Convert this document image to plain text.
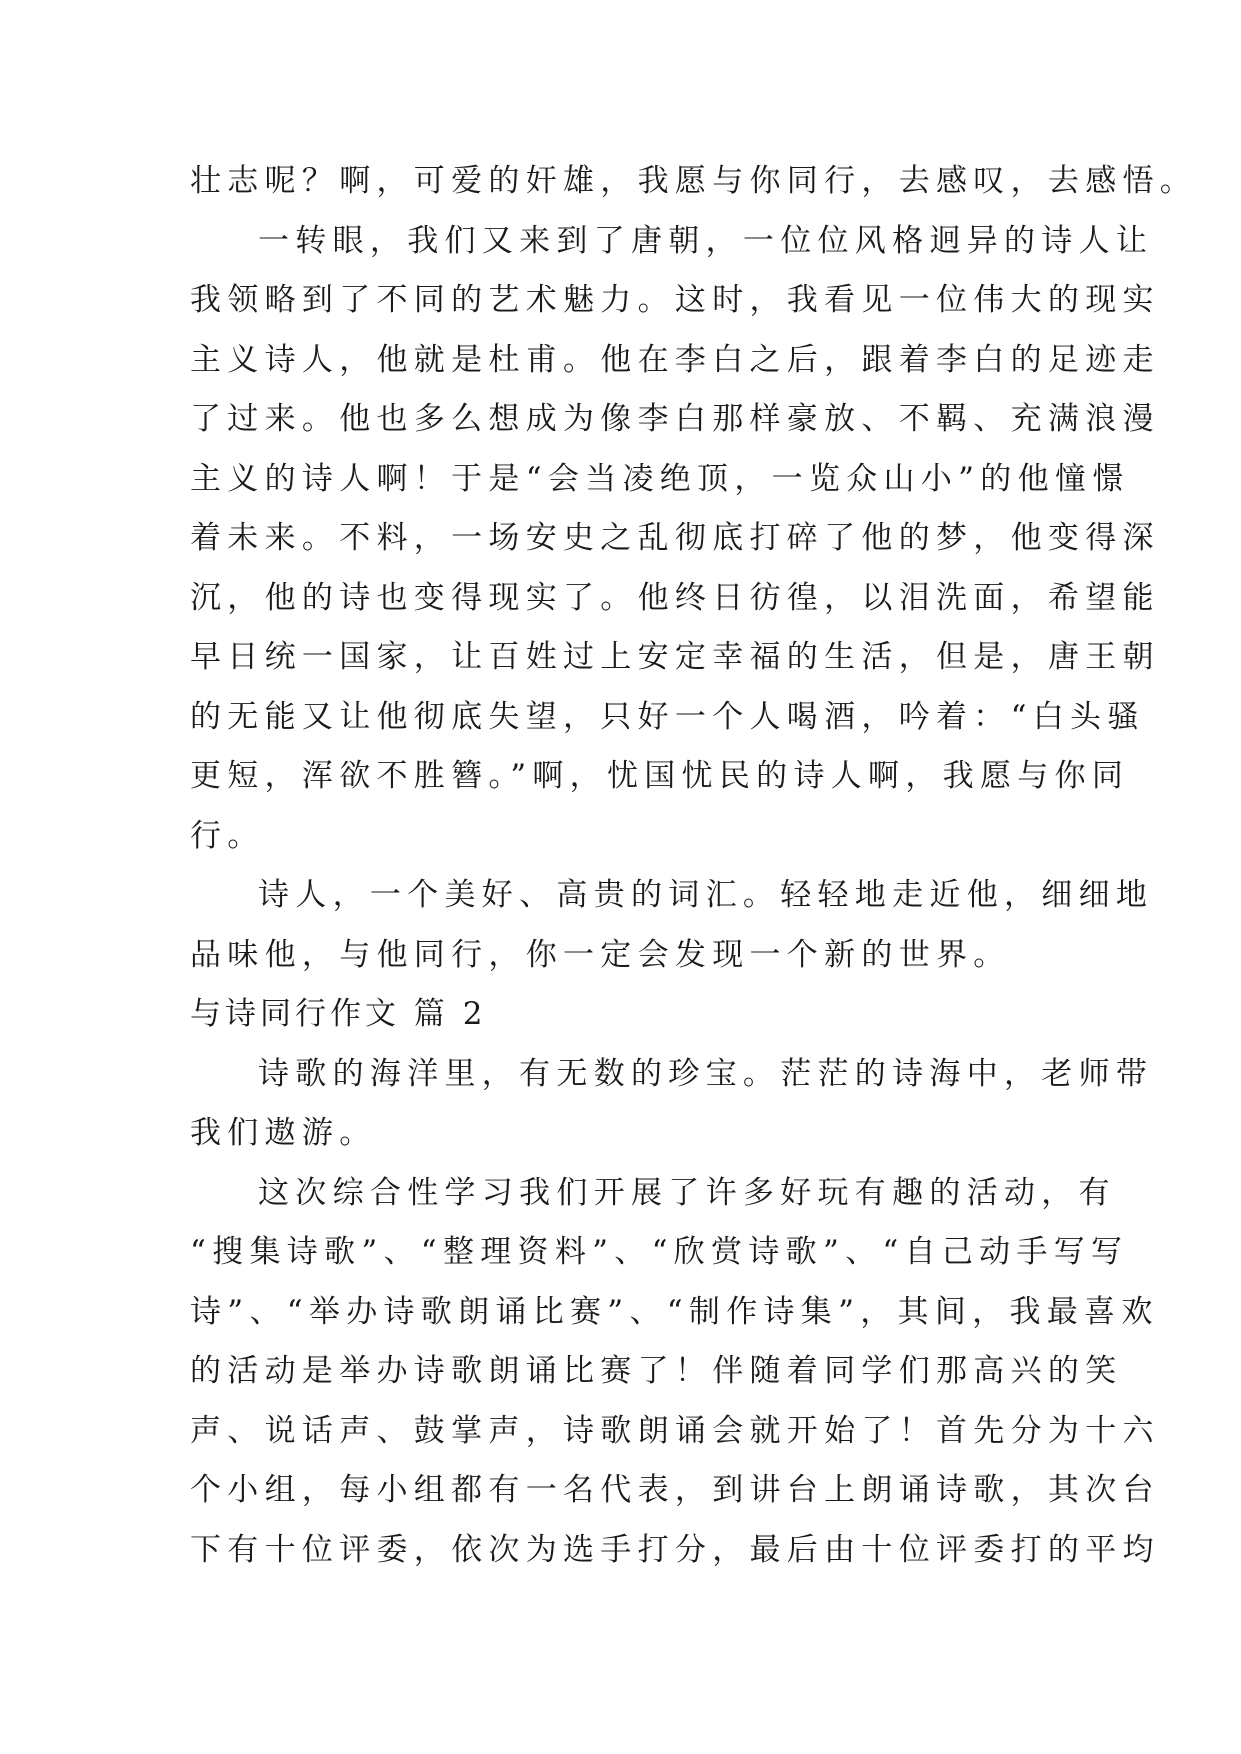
壮志呢？啊，可爱的奸雄，我愿与你同行，去感叹，去感悟。
一转眼，我们又来到了唐朝，一位位风格迥异的诗人让
我领略到了不同的艺术魅力。这时，我看见一位伟大的现实
主义诗人，他就是杜甫。他在李白之后，跟着李白的足迹走
了过来。他也多么想成为像李白那样豪放、不羁、充满浪漫
主义的诗人啊！于是“会当凌绝顶，一览众山小”的他憧憬
着未来。不料，一场安史之乱彻底打碎了他的梦，他变得深
沉，他的诗也变得现实了。他终日彷徨，以泪洗面，希望能
早日统一国家，让百姓过上安定幸福的生活，但是，唐王朝
的无能又让他彻底失望，只好一个人喝酒，吟着：“白头骚
更短，浑欲不胜簪。”啊，忧国忧民的诗人啊，我愿与你同
行。
诗人，一个美好、高贵的词汇。轻轻地走近他，细细地
品味他，与他同行，你一定会发现一个新的世界。
与诗同行作文 篇 2
诗歌的海洋里，有无数的珍宝。茫茫的诗海中，老师带
我们遨游。
这次综合性学习我们开展了许多好玩有趣的活动，有
“搜集诗歌”、“整理资料”、“欣赏诗歌”、“自己动手写写
诗”、“举办诗歌朗诵比赛”、“制作诗集”，其间，我最喜欢
的活动是举办诗歌朗诵比赛了！伴随着同学们那高兴的笑
声、说话声、鼓掌声，诗歌朗诵会就开始了！首先分为十六
个小组，每小组都有一名代表，到讲台上朗诵诗歌，其次台
下有十位评委，依次为选手打分，最后由十位评委打的平均
